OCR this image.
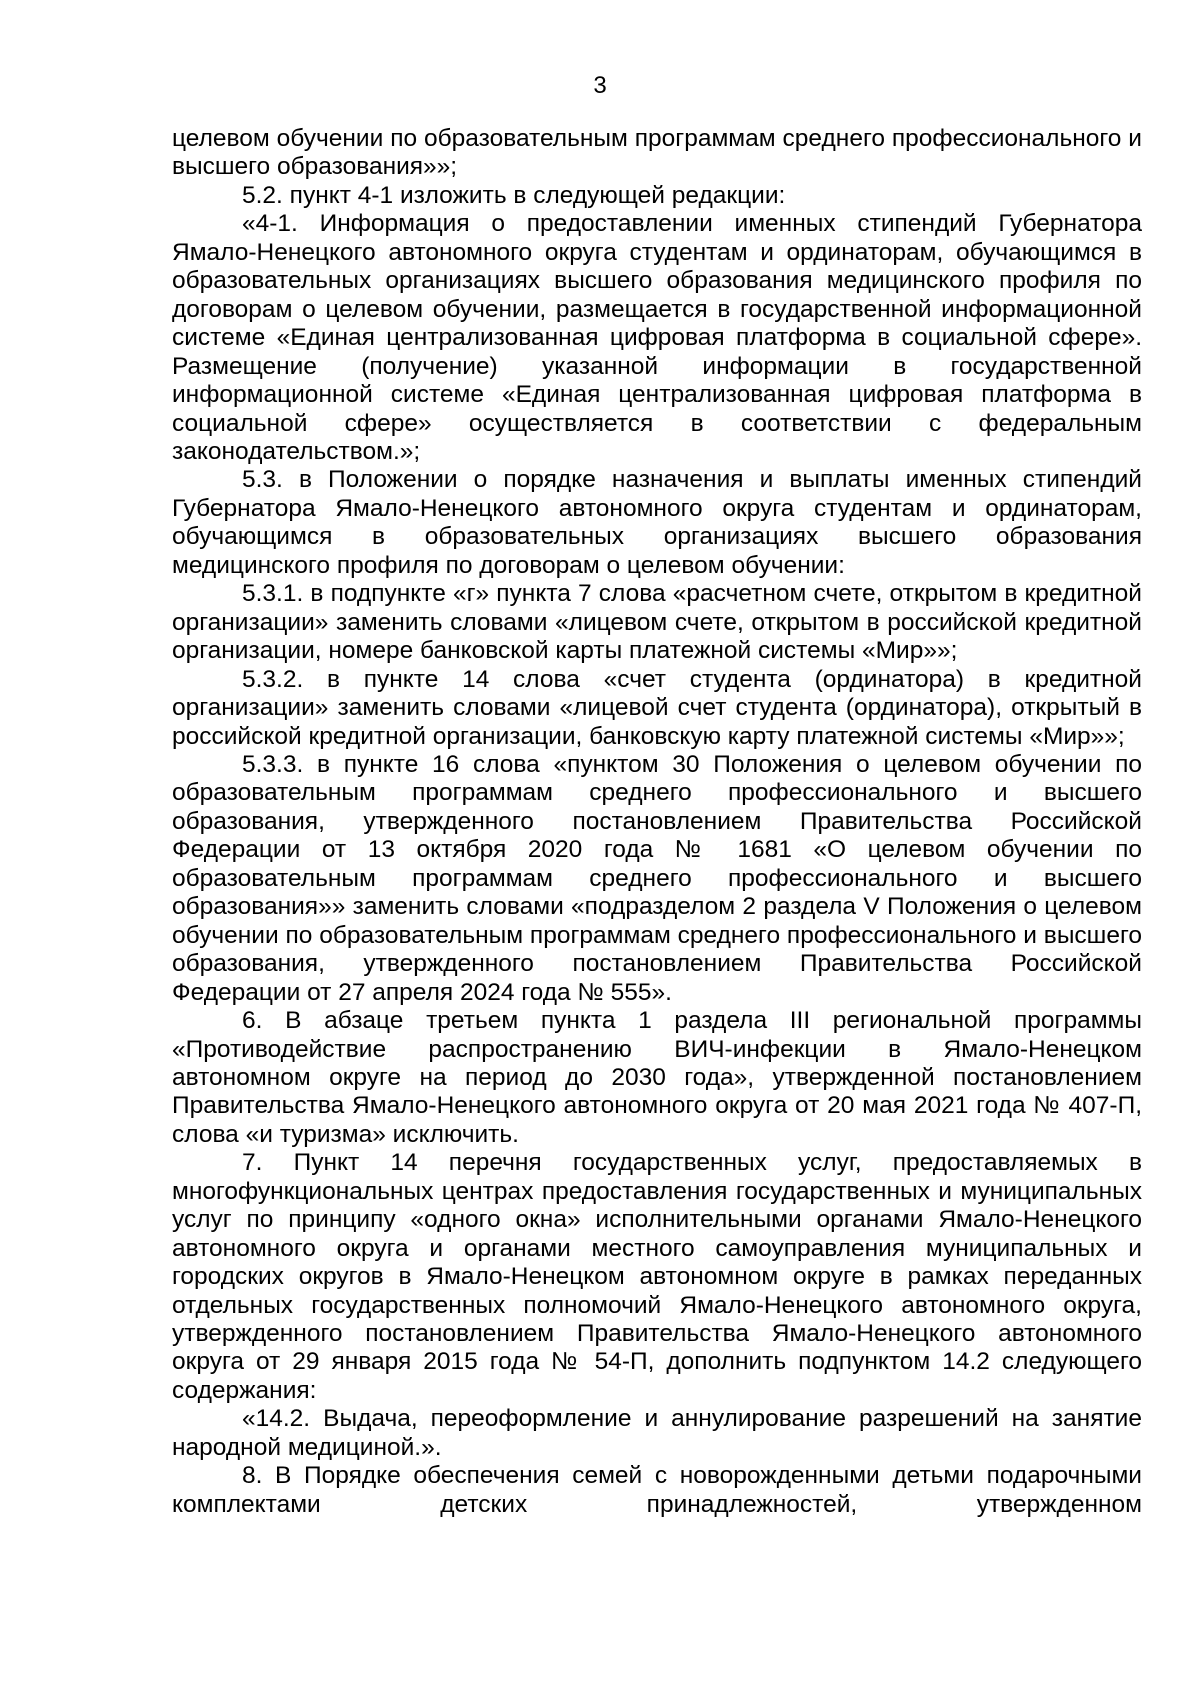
3

целевом обучении по образовательным программам среднего профессионального и высшего образования»»;

5.2. пункт 4-1 изложить в следующей редакции:

«4-1. Информация о предоставлении именных стипендий Губернатора Ямало-Ненецкого автономного округа студентам и ординаторам, обучающимся в образовательных организациях высшего образования медицинского профиля по договорам о целевом обучении, размещается в государственной информационной системе «Единая централизованная цифровая платформа в социальной сфере». Размещение (получение) указанной информации в государственной информационной системе «Единая централизованная цифровая платформа в социальной сфере» осуществляется в соответствии с федеральным законодательством.»;

5.3. в Положении о порядке назначения и выплаты именных стипендий Губернатора Ямало-Ненецкого автономного округа студентам и ординаторам, обучающимся в образовательных организациях высшего образования медицинского профиля по договорам о целевом обучении:

5.3.1. в подпункте «г» пункта 7 слова «расчетном счете, открытом в кредитной организации» заменить словами «лицевом счете, открытом в российской кредитной организации, номере банковской карты платежной системы «Мир»»;

5.3.2. в пункте 14 слова «счет студента (ординатора) в кредитной организации» заменить словами «лицевой счет студента (ординатора), открытый в российской кредитной организации, банковскую карту платежной системы «Мир»»;

5.3.3. в пункте 16 слова «пунктом 30 Положения о целевом обучении по образовательным программам среднего профессионального и высшего образования, утвержденного постановлением Правительства Российской Федерации от 13 октября 2020 года № 1681 «О целевом обучении по образовательным программам среднего профессионального и высшего образования»» заменить словами «подразделом 2 раздела V Положения о целевом обучении по образовательным программам среднего профессионального и высшего образования, утвержденного постановлением Правительства Российской Федерации от 27 апреля 2024 года № 555».

6. В абзаце третьем пункта 1 раздела III региональной программы «Противодействие распространению ВИЧ-инфекции в Ямало-Ненецком автономном округе на период до 2030 года», утвержденной постановлением Правительства Ямало-Ненецкого автономного округа от 20 мая 2021 года № 407-П, слова «и туризма» исключить.

7. Пункт 14 перечня государственных услуг, предоставляемых в многофункциональных центрах предоставления государственных и муниципальных услуг по принципу «одного окна» исполнительными органами Ямало-Ненецкого автономного округа и органами местного самоуправления муниципальных и городских округов в Ямало-Ненецком автономном округе в рамках переданных отдельных государственных полномочий Ямало-Ненецкого автономного округа, утвержденного постановлением Правительства Ямало-Ненецкого автономного округа от 29 января 2015 года № 54-П, дополнить подпунктом 14.2 следующего содержания:

«14.2. Выдача, переоформление и аннулирование разрешений на занятие народной медициной.».

8. В Порядке обеспечения семей с новорожденными детьми подарочными комплектами детских принадлежностей, утвержденном
